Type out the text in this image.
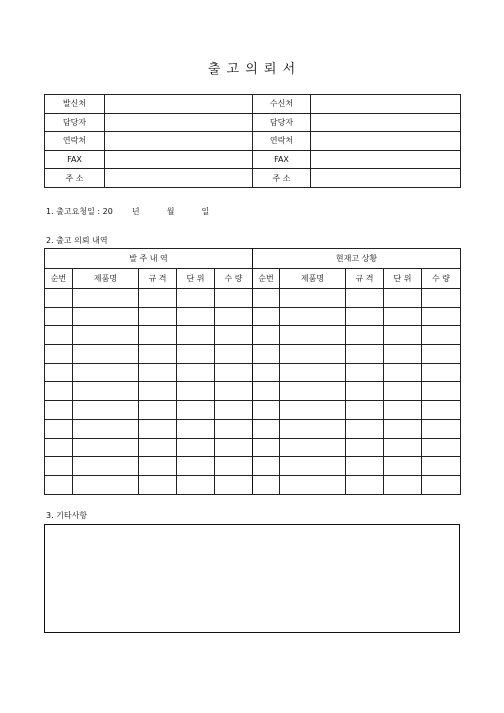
출 고 의 뢰 서
발신처		수신처	
담당자		담당자	
연락처		연락처	
FAX		FAX	
주 소		주 소	
1. 출고요청일 : 20 년	월	일
2. 출고 의뢰 내역
발 주 내 역					현재고 상황				
순번	제품명	규 격	단 위	수 량	순번	제품명	규 격	단 위	수 량

3. 기타사항
